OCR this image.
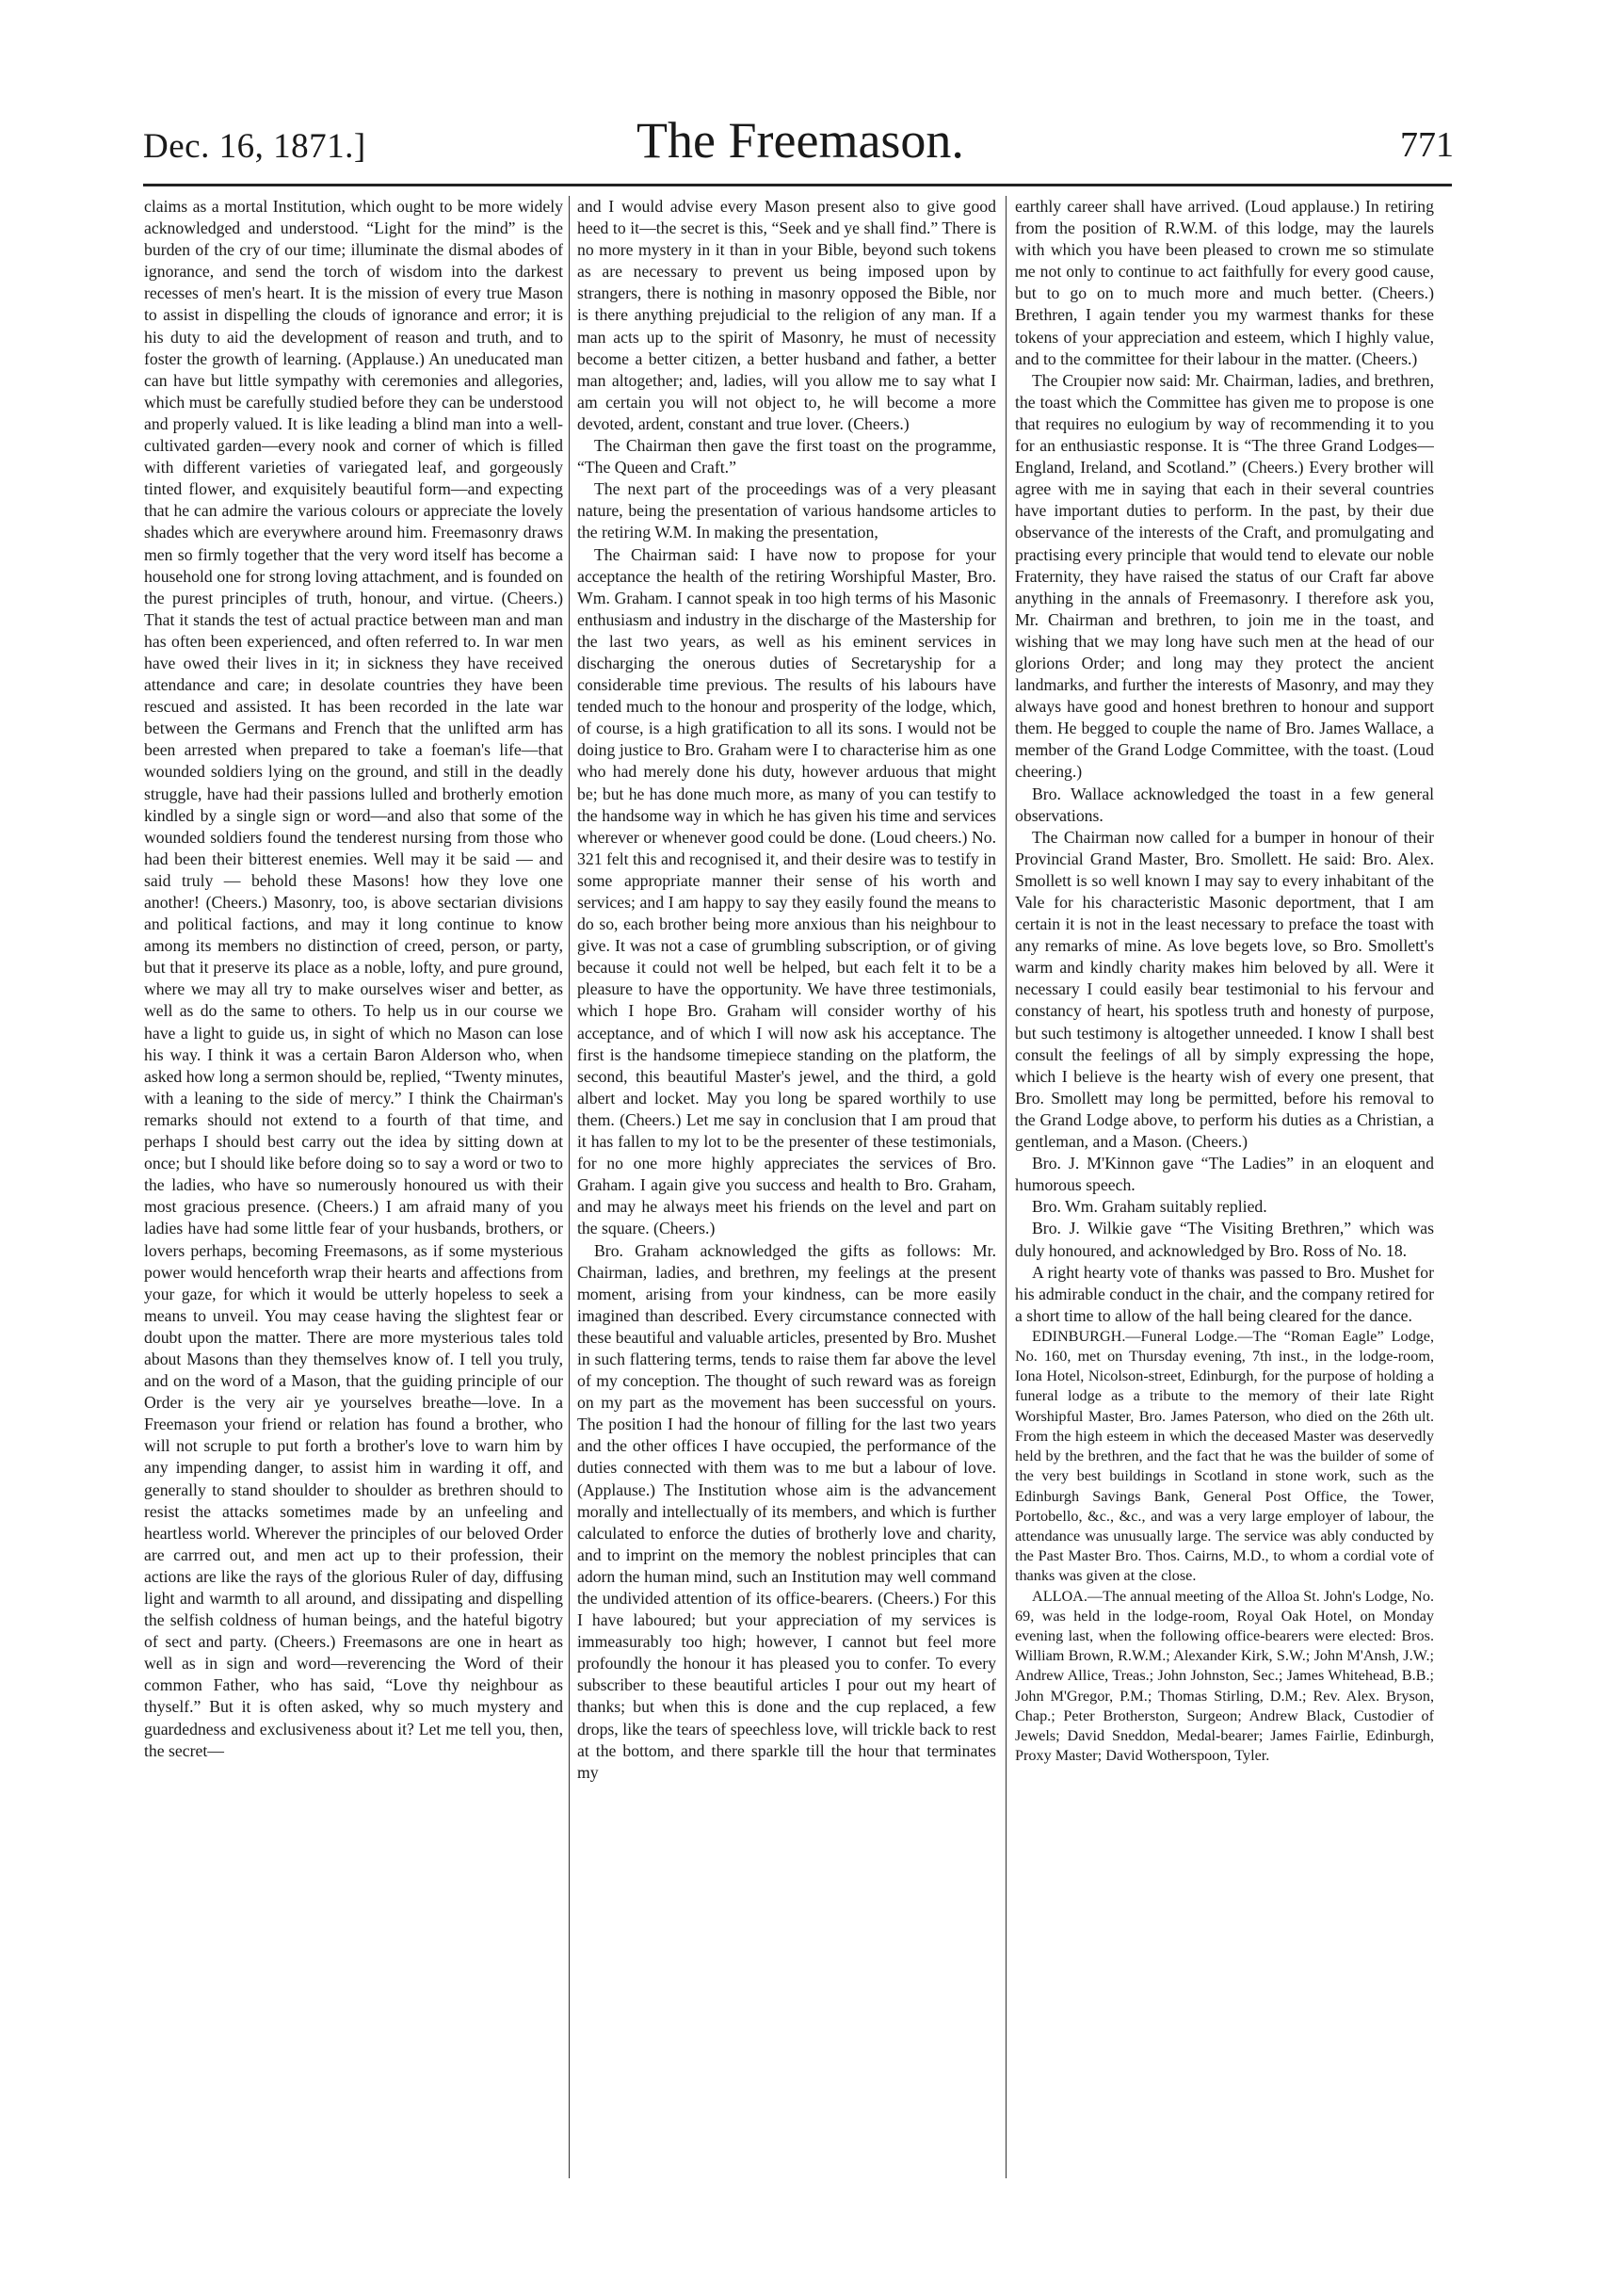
Dec. 16, 1871.]	The Freemason.	771

claims as a mortal Institution, which ought to be more widely acknowledged and understood. “Light for the mind” is the burden of the cry of our time; illuminate the dismal abodes of ignorance, and send the torch of wisdom into the darkest recesses of men's heart. It is the mission of every true Mason to assist in dispelling the clouds of ignorance and error; it is his duty to aid the development of reason and truth, and to foster the growth of learning. (Applause.) An uneducated man can have but little sympathy with ceremonies and allegories, which must be carefully studied before they can be understood and properly valued. It is like leading a blind man into a well-cultivated garden—every nook and corner of which is filled with different varieties of variegated leaf, and gorgeously tinted flower, and exquisitely beautiful form—and expecting that he can admire the various colours or appreciate the lovely shades which are everywhere around him. Freemasonry draws men so firmly together that the very word itself has become a household one for strong loving attachment, and is founded on the purest principles of truth, honour, and virtue. (Cheers.) That it stands the test of actual practice between man and man has often been experienced, and often referred to. In war men have owed their lives in it; in sickness they have received attendance and care; in desolate countries they have been rescued and assisted. It has been recorded in the late war between the Germans and French that the unlifted arm has been arrested when prepared to take a foeman's life—that wounded soldiers lying on the ground, and still in the deadly struggle, have had their passions lulled and brotherly emotion kindled by a single sign or word—and also that some of the wounded soldiers found the tenderest nursing from those who had been their bitterest enemies. Well may it be said — and said truly — behold these Masons! how they love one another! (Cheers.) Masonry, too, is above sectarian divisions and political factions, and may it long continue to know among its members no distinction of creed, person, or party, but that it preserve its place as a noble, lofty, and pure ground, where we may all try to make ourselves wiser and better, as well as do the same to others. To help us in our course we have a light to guide us, in sight of which no Mason can lose his way. I think it was a certain Baron Alderson who, when asked how long a sermon should be, replied, “Twenty minutes, with a leaning to the side of mercy.” I think the Chairman's remarks should not extend to a fourth of that time, and perhaps I should best carry out the idea by sitting down at once; but I should like before doing so to say a word or two to the ladies, who have so numerously honoured us with their most gracious presence. (Cheers.) I am afraid many of you ladies have had some little fear of your husbands, brothers, or lovers perhaps, becoming Freemasons, as if some mysterious power would henceforth wrap their hearts and affections from your gaze, for which it would be utterly hopeless to seek a means to unveil. You may cease having the slightest fear or doubt upon the matter. There are more mysterious tales told about Masons than they themselves know of. I tell you truly, and on the word of a Mason, that the guiding principle of our Order is the very air ye yourselves breathe—love. In a Freemason your friend or relation has found a brother, who will not scruple to put forth a brother's love to warn him by any impending danger, to assist him in warding it off, and generally to stand shoulder to shoulder as brethren should to resist the attacks sometimes made by an unfeeling and heartless world. Wherever the principles of our beloved Order are carrred out, and men act up to their profession, their actions are like the rays of the glorious Ruler of day, diffusing light and warmth to all around, and dissipating and dispelling the selfish coldness of human beings, and the hateful bigotry of sect and party. (Cheers.) Freemasons are one in heart as well as in sign and word—reverencing the Word of their common Father, who has said, “Love thy neighbour as thyself.” But it is often asked, why so much mystery and guardedness and exclusiveness about it? Let me tell you, then, the secret—

and I would advise every Mason present also to give good heed to it—the secret is this, “Seek and ye shall find.” There is no more mystery in it than in your Bible, beyond such tokens as are necessary to prevent us being imposed upon by strangers, there is nothing in masonry opposed the Bible, nor is there anything prejudicial to the religion of any man. If a man acts up to the spirit of Masonry, he must of necessity become a better citizen, a better husband and father, a better man altogether; and, ladies, will you allow me to say what I am certain you will not object to, he will become a more devoted, ardent, constant and true lover. (Cheers.)

The Chairman then gave the first toast on the programme, “The Queen and Craft.”

The next part of the proceedings was of a very pleasant nature, being the presentation of various handsome articles to the retiring W.M. In making the presentation,

The Chairman said: I have now to propose for your acceptance the health of the retiring Worshipful Master, Bro. Wm. Graham. I cannot speak in too high terms of his Masonic enthusiasm and industry in the discharge of the Mastership for the last two years, as well as his eminent services in discharging the onerous duties of Secretaryship for a considerable time previous. The results of his labours have tended much to the honour and prosperity of the lodge, which, of course, is a high gratification to all its sons. I would not be doing justice to Bro. Graham were I to characterise him as one who had merely done his duty, however arduous that might be; but he has done much more, as many of you can testify to the handsome way in which he has given his time and services wherever or whenever good could be done. (Loud cheers.) No. 321 felt this and recognised it, and their desire was to testify in some appropriate manner their sense of his worth and services; and I am happy to say they easily found the means to do so, each brother being more anxious than his neighbour to give. It was not a case of grumbling subscription, or of giving because it could not well be helped, but each felt it to be a pleasure to have the opportunity. We have three testimonials, which I hope Bro. Graham will consider worthy of his acceptance, and of which I will now ask his acceptance. The first is the handsome timepiece standing on the platform, the second, this beautiful Master's jewel, and the third, a gold albert and locket. May you long be spared worthily to use them. (Cheers.) Let me say in conclusion that I am proud that it has fallen to my lot to be the presenter of these testimonials, for no one more highly appreciates the services of Bro. Graham. I again give you success and health to Bro. Graham, and may he always meet his friends on the level and part on the square. (Cheers.)

Bro. Graham acknowledged the gifts as follows: Mr. Chairman, ladies, and brethren, my feelings at the present moment, arising from your kindness, can be more easily imagined than described. Every circumstance connected with these beautiful and valuable articles, presented by Bro. Mushet in such flattering terms, tends to raise them far above the level of my conception. The thought of such reward was as foreign on my part as the movement has been successful on yours. The position I had the honour of filling for the last two years and the other offices I have occupied, the performance of the duties connected with them was to me but a labour of love. (Applause.) The Institution whose aim is the advancement morally and intellectually of its members, and which is further calculated to enforce the duties of brotherly love and charity, and to imprint on the memory the noblest principles that can adorn the human mind, such an Institution may well command the undivided attention of its office-bearers. (Cheers.) For this I have laboured; but your appreciation of my services is immeasurably too high; however, I cannot but feel more profoundly the honour it has pleased you to confer. To every subscriber to these beautiful articles I pour out my heart of thanks; but when this is done and the cup replaced, a few drops, like the tears of speechless love, will trickle back to rest at the bottom, and there sparkle till the hour that terminates my

earthly career shall have arrived. (Loud applause.) In retiring from the position of R.W.M. of this lodge, may the laurels with which you have been pleased to crown me so stimulate me not only to continue to act faithfully for every good cause, but to go on to much more and much better. (Cheers.) Brethren, I again tender you my warmest thanks for these tokens of your appreciation and esteem, which I highly value, and to the committee for their labour in the matter. (Cheers.)

The Croupier now said: Mr. Chairman, ladies, and brethren, the toast which the Committee has given me to propose is one that requires no eulogium by way of recommending it to you for an enthusiastic response. It is “The three Grand Lodges—England, Ireland, and Scotland.” (Cheers.) Every brother will agree with me in saying that each in their several countries have important duties to perform. In the past, by their due observance of the interests of the Craft, and promulgating and practising every principle that would tend to elevate our noble Fraternity, they have raised the status of our Craft far above anything in the annals of Freemasonry. I therefore ask you, Mr. Chairman and brethren, to join me in the toast, and wishing that we may long have such men at the head of our glorions Order; and long may they protect the ancient landmarks, and further the interests of Masonry, and may they always have good and honest brethren to honour and support them. He begged to couple the name of Bro. James Wallace, a member of the Grand Lodge Committee, with the toast. (Loud cheering.)

Bro. Wallace acknowledged the toast in a few general observations.

The Chairman now called for a bumper in honour of their Provincial Grand Master, Bro. Smollett. He said: Bro. Alex. Smollett is so well known I may say to every inhabitant of the Vale for his characteristic Masonic deportment, that I am certain it is not in the least necessary to preface the toast with any remarks of mine. As love begets love, so Bro. Smollett's warm and kindly charity makes him beloved by all. Were it necessary I could easily bear testimonial to his fervour and constancy of heart, his spotless truth and honesty of purpose, but such testimony is altogether unneeded. I know I shall best consult the feelings of all by simply expressing the hope, which I believe is the hearty wish of every one present, that Bro. Smollett may long be permitted, before his removal to the Grand Lodge above, to perform his duties as a Christian, a gentleman, and a Mason. (Cheers.)

Bro. J. M'Kinnon gave “The Ladies” in an eloquent and humorous speech.

Bro. Wm. Graham suitably replied.

Bro. J. Wilkie gave “The Visiting Brethren,” which was duly honoured, and acknowledged by Bro. Ross of No. 18.

A right hearty vote of thanks was passed to Bro. Mushet for his admirable conduct in the chair, and the company retired for a short time to allow of the hall being cleared for the dance.

EDINBURGH.—Funeral Lodge.—The “Roman Eagle” Lodge, No. 160, met on Thursday evening, 7th inst., in the lodge-room, Iona Hotel, Nicolson-street, Edinburgh, for the purpose of holding a funeral lodge as a tribute to the memory of their late Right Worshipful Master, Bro. James Paterson, who died on the 26th ult. From the high esteem in which the deceased Master was deservedly held by the brethren, and the fact that he was the builder of some of the very best buildings in Scotland in stone work, such as the Edinburgh Savings Bank, General Post Office, the Tower, Portobello, &c., &c., and was a very large employer of labour, the attendance was unusually large. The service was ably conducted by the Past Master Bro. Thos. Cairns, M.D., to whom a cordial vote of thanks was given at the close.

ALLOA.—The annual meeting of the Alloa St. John's Lodge, No. 69, was held in the lodge-room, Royal Oak Hotel, on Monday evening last, when the following office-bearers were elected: Bros. William Brown, R.W.M.; Alexander Kirk, S.W.; John M'Ansh, J.W.; Andrew Allice, Treas.; John Johnston, Sec.; James Whitehead, B.B.; John M'Gregor, P.M.; Thomas Stirling, D.M.; Rev. Alex. Bryson, Chap.; Peter Brotherston, Surgeon; Andrew Black, Custodier of Jewels; David Sneddon, Medal-bearer; James Fairlie, Edinburgh, Proxy Master; David Wotherspoon, Tyler.
